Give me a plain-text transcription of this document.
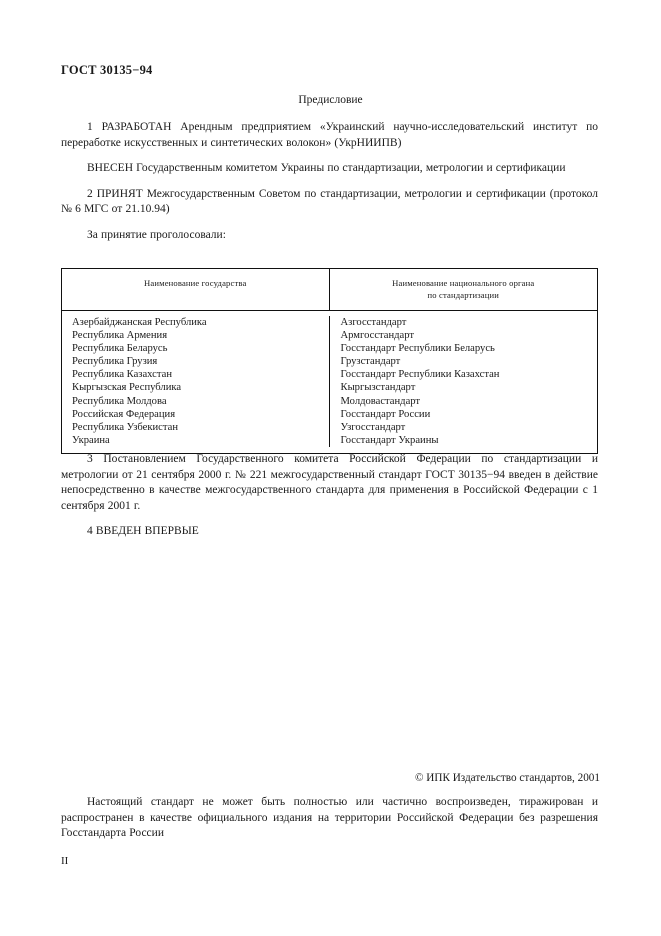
ГОСТ 30135−94
Предисловие

1 РАЗРАБОТАН Арендным предприятием «Украинский научно-исследовательский институт по переработке искусственных и синтетических волокон» (УкрНИИПВ)

ВНЕСЕН Государственным комитетом Украины по стандартизации, метрологии и сертификации

2 ПРИНЯТ Межгосударственным Советом по стандартизации, метрологии и сертификации (протокол № 6 МГС от 21.10.94)

За принятие проголосовали:

Наименование государства	Наименование национального органа
по стандартизации
Азербайджанская Республика
Республика Армения
Республика Беларусь
Республика Грузия
Республика Казахстан
Кыргызская Республика
Республика Молдова
Российская Федерация
Республика Узбекистан
Украина
Азгосстандарт
Армгосстандарт
Госстандарт Республики Беларусь
Грузстандарт
Госстандарт Республики Казахстан
Кыргызстандарт
Молдовастандарт
Госстандарт России
Узгосстандарт
Госстандарт Украины

3 Постановлением Государственного комитета Российской Федерации по стандартизации и метрологии от 21 сентября 2000 г. № 221 межгосударственный стандарт ГОСТ 30135−94 введен в действие непосредственно в качестве межгосударственного стандарта для применения в Российской Федерации с 1 сентября 2001 г.

4 ВВЕДЕН ВПЕРВЫЕ

© ИПК Издательство стандартов, 2001

Настоящий стандарт не может быть полностью или частично воспроизведен, тиражирован и распространен в качестве официального издания на территории Российской Федерации без разрешения Госстандарта России

II
